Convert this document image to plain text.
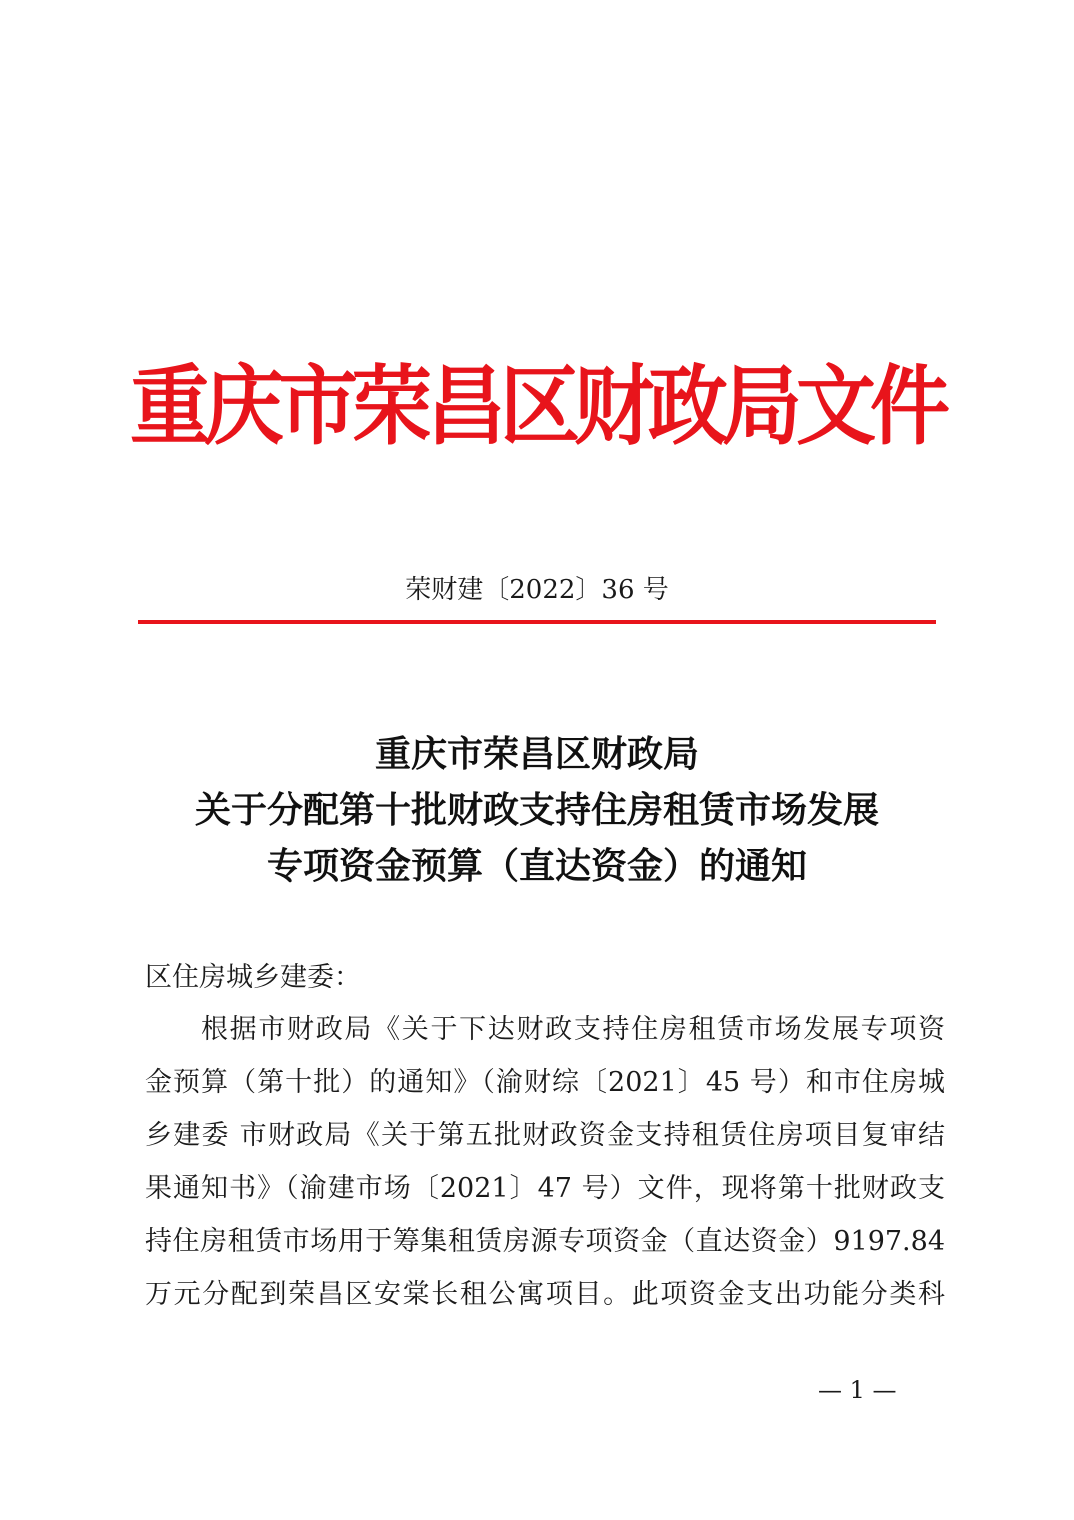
重庆市荣昌区财政局文件
荣财建〔2022〕36 号
重庆市荣昌区财政局
关于分配第十批财政支持住房租赁市场发展
专项资金预算（直达资金）的通知
区住房城乡建委：
根据市财政局《关于下达财政支持住房租赁市场发展专项资
金预算（第十批）的通知》（渝财综〔2021〕45 号）和市住房城
乡建委 市财政局《关于第五批财政资金支持租赁住房项目复审结
果通知书》（渝建市场〔2021〕47 号）文件，现将第十批财政支
持住房租赁市场用于筹集租赁房源专项资金（直达资金）9197.84
万元分配到荣昌区安棠长租公寓项目。此项资金支出功能分类科
— 1 —
